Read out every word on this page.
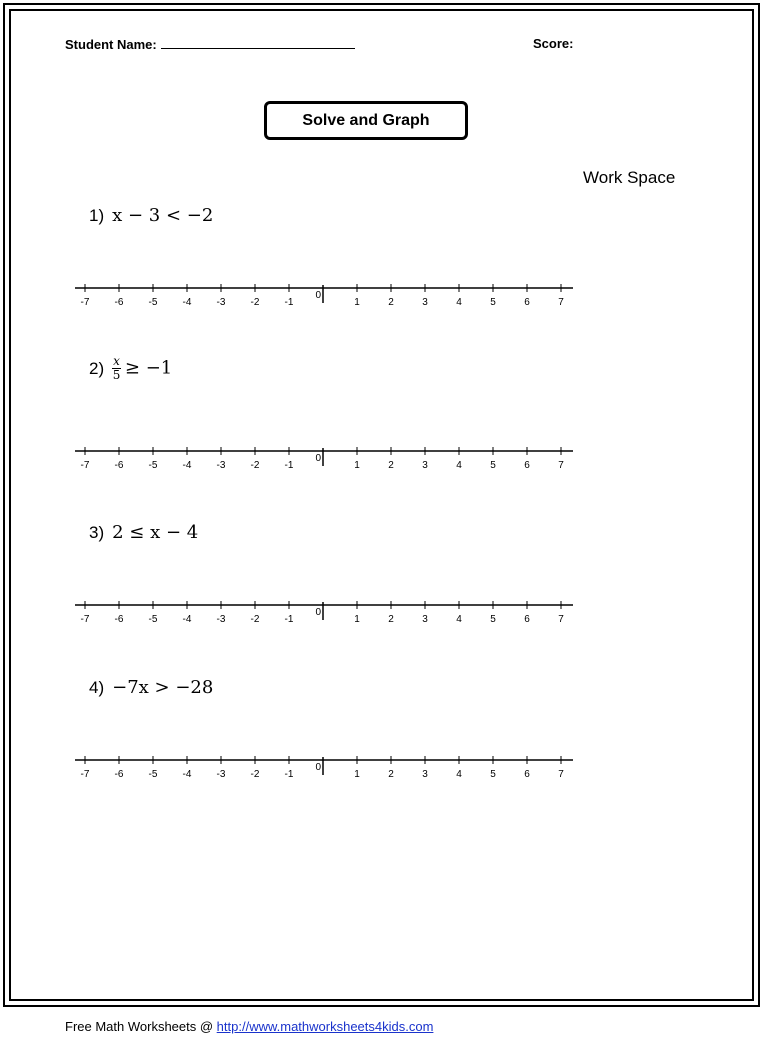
Student Name:	Score:
Solve and Graph
Work Space
1) x − 3 < −2
-7	-6	-5	-4	-3	-2	-1
0
1	2	3	4	5	6	7
$2) \frac{x}{5} \ge -1$
-7	-6	-5	-4	-3	-2	-1
0
1	2	3	4	5	6	7
3) 2 ≤ x − 4
-7	-6	-5	-4	-3	-2	-1
0
1	2	3	4	5	6	7
4) −7x > −28
-7	-6	-5	-4	-3	-2	-1
0
1	2	3	4	5	6	7
Free Math Worksheets @ http://www.mathworksheets4kids.com
